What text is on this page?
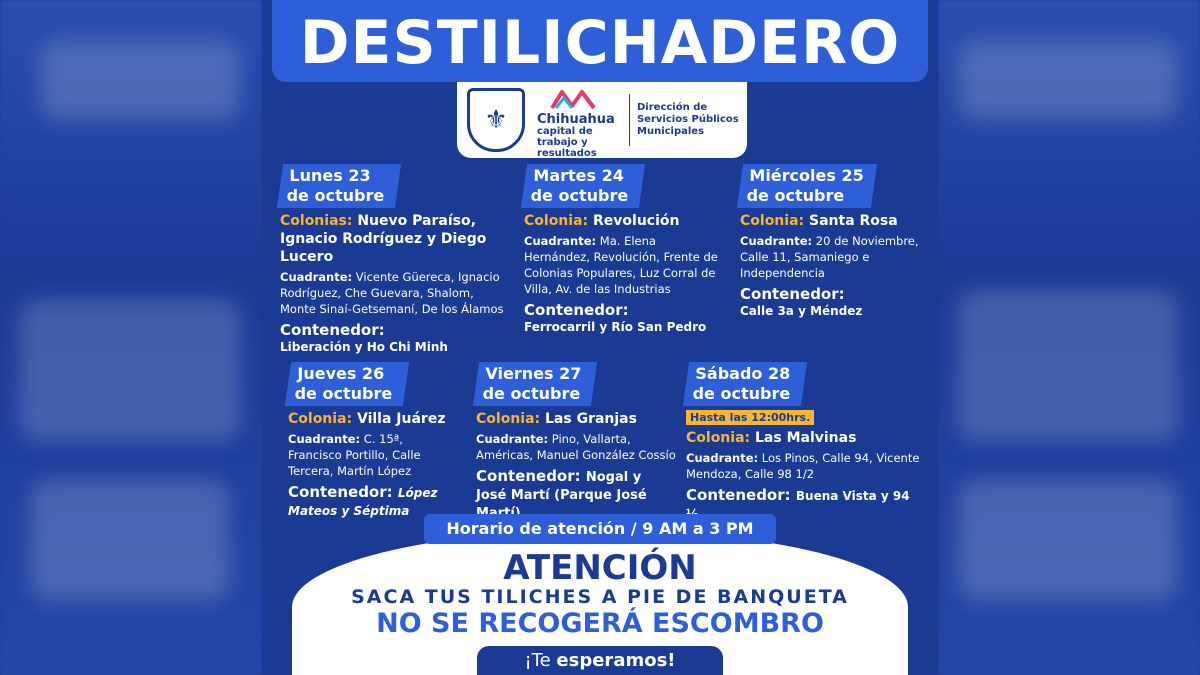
DESTILICHADERO
⚜	Chihuahua
capital de trabajo y resultados
Dirección de Servicios Públicos Municipales
Lunes 23
de octubre
Colonias: Nuevo Paraíso, Ignacio Rodríguez y Diego Lucero
Cuadrante: Vicente Güereca, Ignacio Rodríguez, Che Guevara, Shalom, Monte Sinaí-Getsemaní, De los Álamos
Contenedor:
Liberación y Ho Chi Minh
Martes 24
de octubre
Colonia: Revolución
Cuadrante: Ma. Elena Hernández, Revolución, Frente de Colonias Populares, Luz Corral de Villa, Av. de las Industrias
Contenedor:
Ferrocarril y Río San Pedro
Miércoles 25
de octubre
Colonia: Santa Rosa
Cuadrante: 20 de Noviembre, Calle 11, Samaniego e Independencia
Contenedor:
Calle 3a y Méndez
Jueves 26
de octubre
Colonia: Villa Juárez
Cuadrante: C. 15ª, Francisco Portillo, Calle Tercera, Martín López
Contenedor: López Mateos y Séptima
Viernes 27
de octubre
Colonia: Las Granjas
Cuadrante: Pino, Vallarta, Américas, Manuel González Cossío
Contenedor: Nogal y José Martí (Parque José
Sábado 28
de octubre
Hasta las 12:00hrs.
Colonia: Las Malvinas
Cuadrante: Los Pinos, Calle 94, Vicente Mendoza, Calle 98 1/2
Contenedor: Buena Vista y 94
Horario de atención / 9 AM a 3 PM
ATENCIÓN
SACA TUS TILICHES A PIE DE BANQUETA
NO SE RECOGERÁ ESCOMBRO
¡Te esperamos!
